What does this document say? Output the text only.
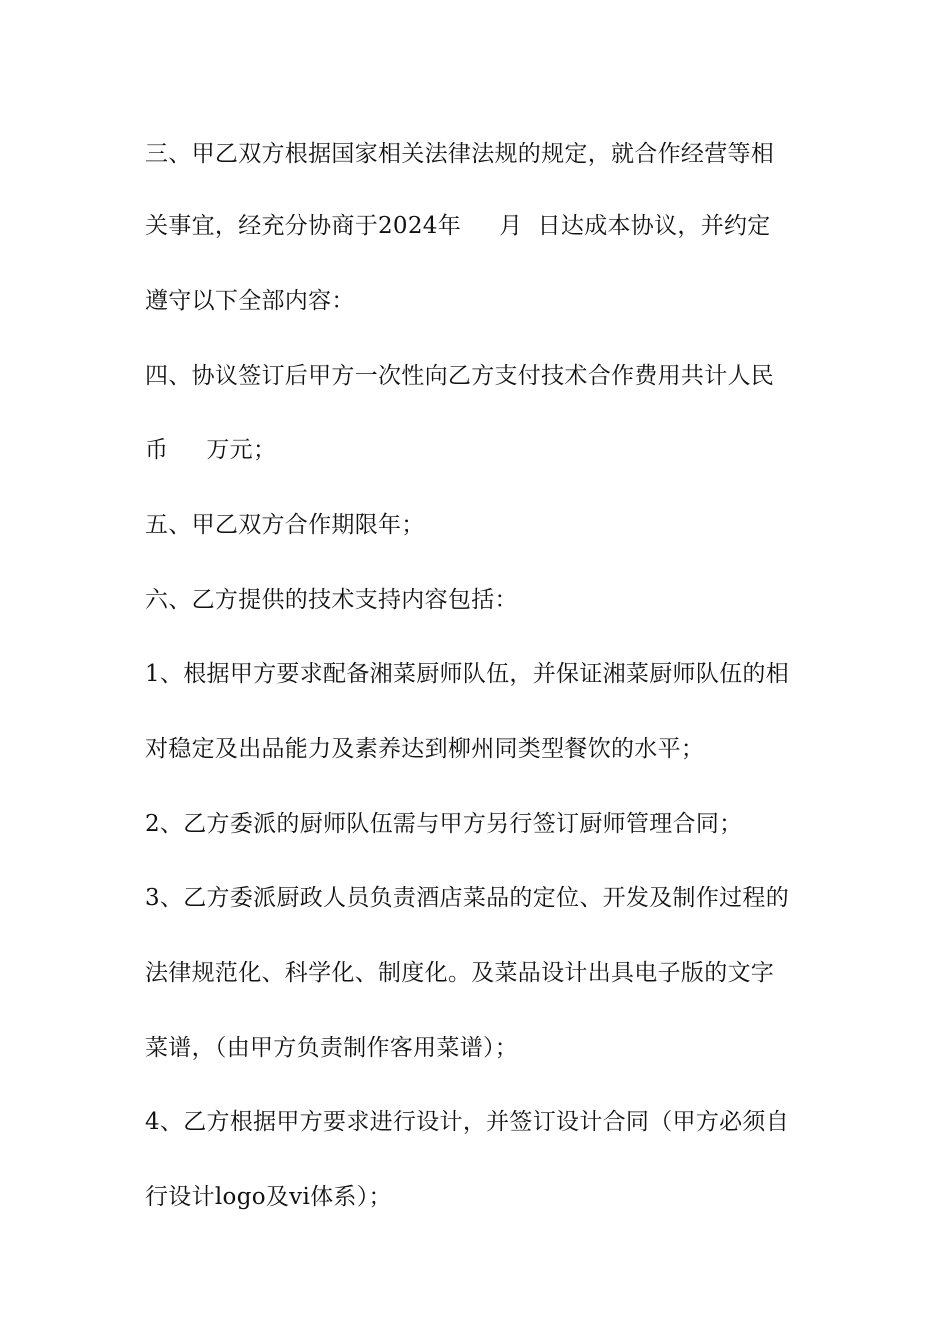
三、甲乙双方根据国家相关法律法规的规定，就合作经营等相
关事宜，经充分协商于2024年     月  日达成本协议，并约定
遵守以下全部内容：
四、协议签订后甲方一次性向乙方支付技术合作费用共计人民
币     万元；
五、甲乙双方合作期限年；
六、乙方提供的技术支持内容包括：
1、根据甲方要求配备湘菜厨师队伍，并保证湘菜厨师队伍的相
对稳定及出品能力及素养达到柳州同类型餐饮的水平；
2、乙方委派的厨师队伍需与甲方另行签订厨师管理合同；
3、乙方委派厨政人员负责酒店菜品的定位、开发及制作过程的
法律规范化、科学化、制度化。及菜品设计出具电子版的文字
菜谱，（由甲方负责制作客用菜谱）；
4、乙方根据甲方要求进行设计，并签订设计合同（甲方必须自
行设计logo及vi体系）；
